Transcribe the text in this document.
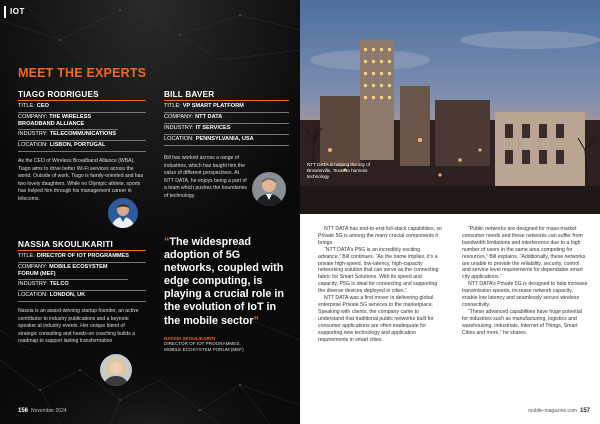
IOT
MEET THE EXPERTS
TIAGO RODRIGUES
TITLE: CEO
COMPANY: THE WIRELESS BROADBAND ALLIANCE
INDUSTRY: TELECOMMUNICATIONS
LOCATION: LISBON, PORTUGAL
As the CEO of Wireless Broadband Alliance (WBA), Tiago aims to drive better Wi-Fi services across the world. Outside of work, Tiago is family-oriented and has two lovely daughters. While no Olympic athlete, sports has helped him through his management career in telecoms.
BILL BAVER
TITLE: VP SMART PLATFORM
COMPANY: NTT DATA
INDUSTRY: IT SERVICES
LOCATION: PENNSYLVANIA, USA
Bill has worked across a range of industries, which has taught him the value of different perspectives. At NTT DATA, he enjoys being a part of a team which pushes the boundaries of technology.
NASSIA SKOULIKARITI
TITLE: DIRECTOR OF IOT PROGRAMMES
COMPANY: MOBILE ECOSYSTEM FORUM (MEF)
INDUSTRY: TELCO
LOCATION: LONDON, UK
Nassia is an award-winning startup founder, an active contributor to industry publications and a keynote speaker at industry events. Her unique blend of strategic consulting and hands-on coaching builds a roadmap to support lasting transformation
“The widespread adoption of 5G networks, coupled with edge computing, is playing a crucial role in the evolution of IoT in the mobile sector”
NASSIA SKOULIKARITI
DIRECTOR OF IOT PROGRAMMES,
MOBILE ECOSYSTEM FORUM (MEF)
156 November 2024
NTT DATA is helping the city of Brownsville, Texas to harness technology

NTT DATA has end-to-end full-stack capabilities, so Private 5G is among the many crucial components it brings.

“NTT DATA’s P5G is an incredibly exciting advance,” Bill continues. “As the name implies, it’s a private high-speed, low-latency, high-capacity networking solution that can serve as the connecting fabric for Smart Solutions. With its speed and capacity, P5G is ideal for connecting and supporting the diverse devices deployed in cities.”

NTT DATA was a first mover in delivering global enterprise Private 5G services to the marketplace. Speaking with clients, the company came to understand that traditional public networks built for consumer applications are often inadequate for supporting new technology and application requirements in smart cities.

“Public networks are designed for mass-market consumer needs and these networks can suffer from bandwidth limitations and interference due to a high number of users in the same area competing for resources,” Bill explains. “Additionally, these networks are unable to provide the reliability, security, control and service level requirements for dependable smart city applications.”

NTT DATA’s Private 5G is designed to help increase transmission speeds, increase network capacity, enable low latency and seamlessly secure wireless connectivity.

“These advanced capabilities have huge potential for industries such as manufacturing, logistics and warehousing, industrials, Internet of Things, Smart Cities and more,” he shares.

mobile-magazine.com 157
